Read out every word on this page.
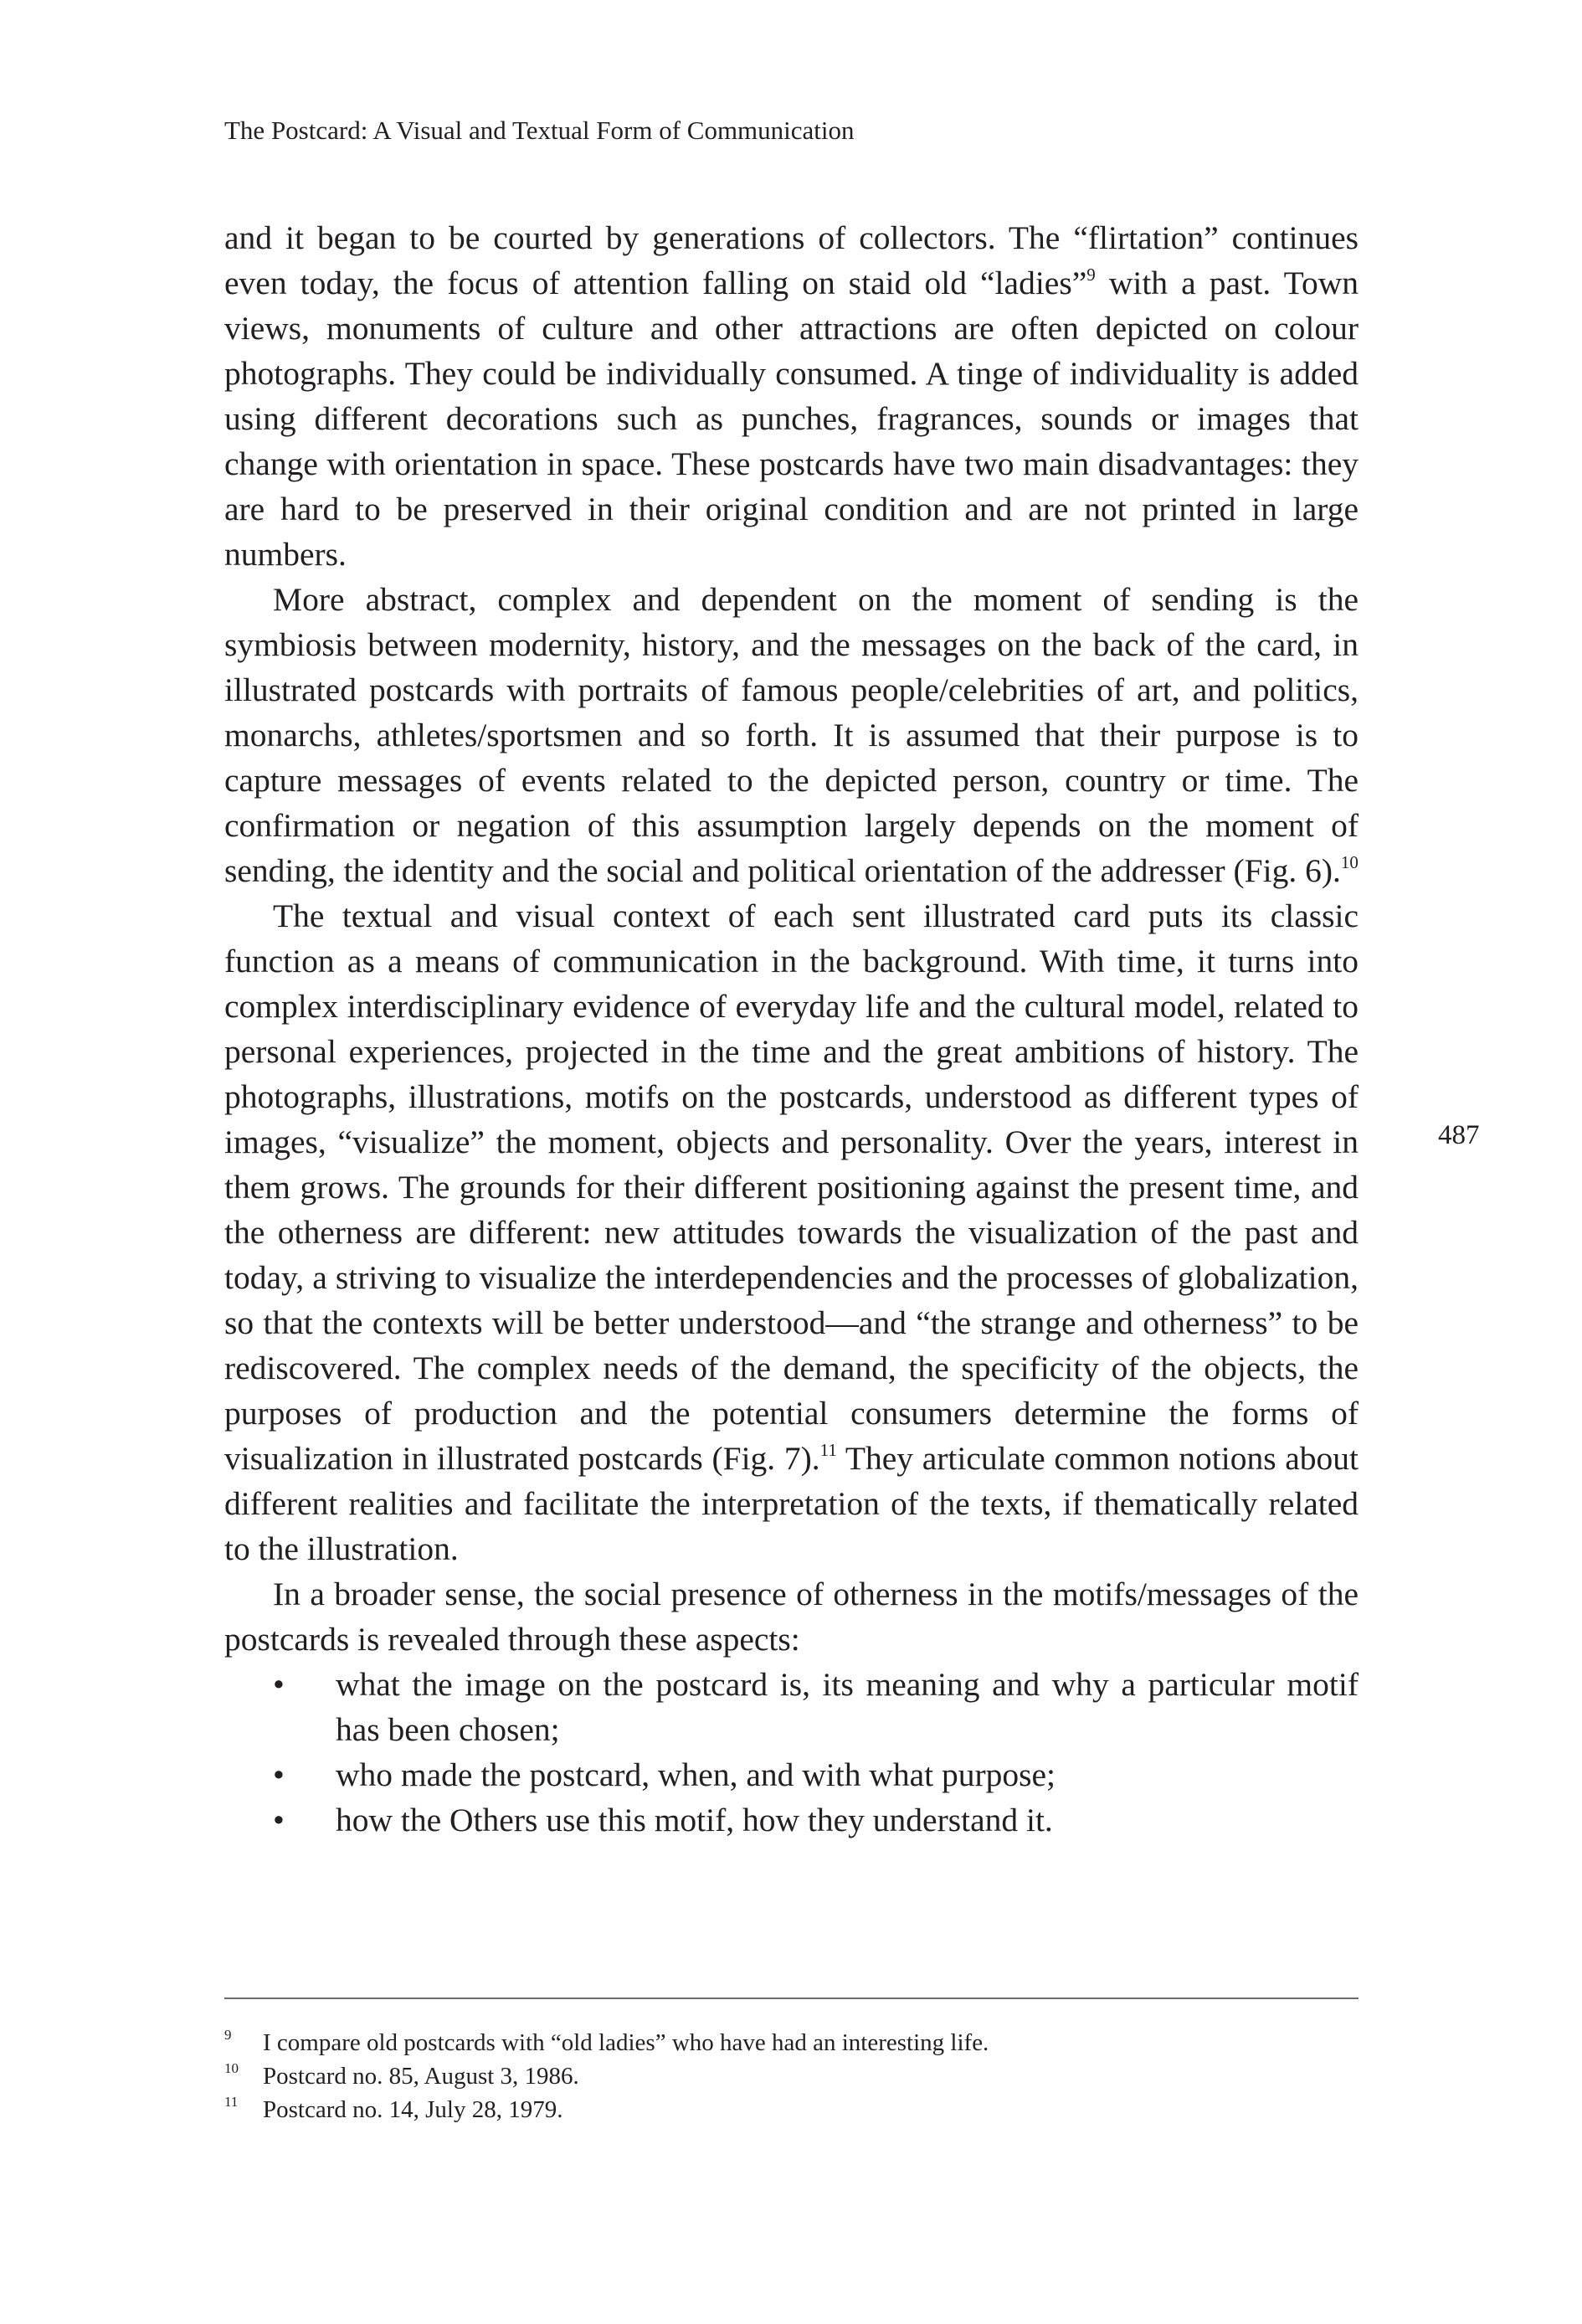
The Postcard: A Visual and Textual Form of Communication

and it began to be courted by generations of collectors. The “flirtation” continues even today, the focus of attention falling on staid old “ladies”$^9$ with a past. Town views, monuments of culture and other attractions are often depicted on colour photographs. They could be individually consumed. A tinge of individuality is added using different decorations such as punches, fragrances, sounds or images that change with orientation in space. These postcards have two main disadvantages: they are hard to be preserved in their original condition and are not printed in large numbers.

More abstract, complex and dependent on the moment of sending is the symbiosis between modernity, history, and the messages on the back of the card, in illustrated postcards with portraits of famous people/celebrities of art, and politics, monarchs, athletes/sportsmen and so forth. It is assumed that their purpose is to capture messages of events related to the depicted person, country or time. The confirmation or negation of this assumption largely depends on the moment of sending, the identity and the social and political orientation of the addresser (Fig. 6).$^{10}$

The textual and visual context of each sent illustrated card puts its classic function as a means of communication in the background. With time, it turns into complex interdisciplinary evidence of everyday life and the cultural model, related to personal experiences, projected in the time and the great ambitions of history. The photographs, illustrations, motifs on the postcards, understood as different types of images, “visualize” the moment, objects and personality. Over the years, interest in them grows. The grounds for their different positioning against the present time, and the otherness are different: new attitudes towards the visualization of the past and today, a striving to visualize the interdependencies and the processes of globalization, so that the contexts will be better understood—and “the strange and otherness” to be rediscovered. The complex needs of the demand, the specificity of the objects, the purposes of production and the potential consumers determine the forms of visualization in illustrated postcards (Fig. 7).$^{11}$ They articulate common notions about different realities and facilitate the interpretation of the texts, if thematically related to the illustration.

In a broader sense, the social presence of otherness in the motifs/messages of the postcards is revealed through these aspects:

• what the image on the postcard is, its meaning and why a particular motif has been chosen;
• who made the postcard, when, and with what purpose;
• how the Others use this motif, how they understand it.
487
9 I compare old postcards with “old ladies” who have had an interesting life.
10 Postcard no. 85, August 3, 1986.
11 Postcard no. 14, July 28, 1979.
